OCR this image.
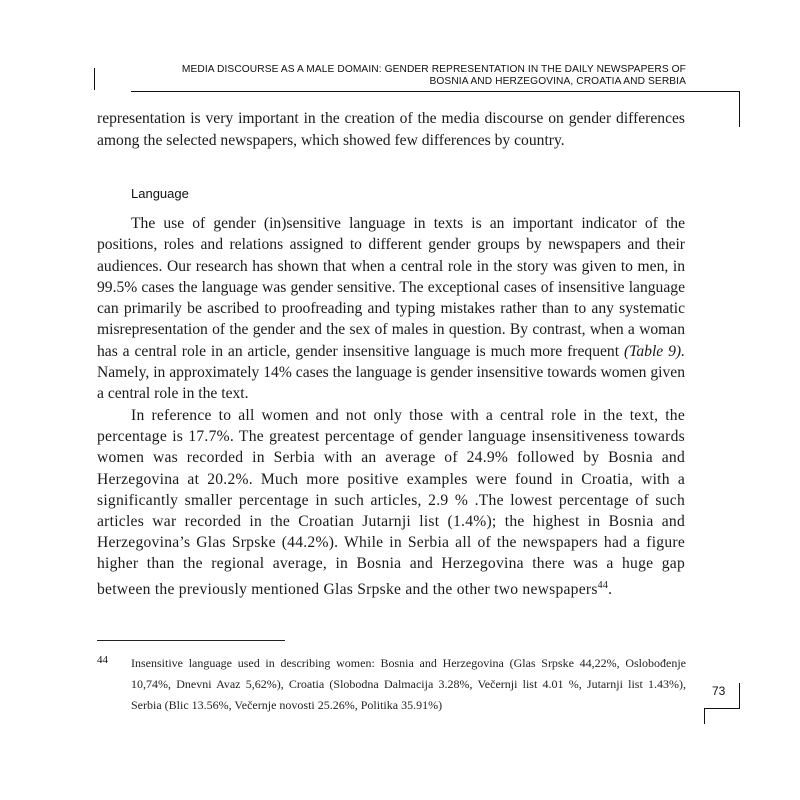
MEDIA DISCOURSE AS A MALE DOMAIN: GENDER REPRESENTATION IN THE DAILY NEWSPAPERS OF
BOSNIA AND HERZEGOVINA, CROATIA AND SERBIA
representation is very important in the creation of the media discourse on gender differences among the selected newspapers, which showed few differences by country.
Language
The use of gender (in)sensitive language in texts is an important indicator of the positions, roles and relations assigned to different gender groups by newspapers and their audiences. Our research has shown that when a central role in the story was given to men, in 99.5% cases the language was gender sensitive. The exceptional cases of insensitive language can primarily be ascribed to proofreading and typing mistakes rather than to any systematic misrepresentation of the gender and the sex of males in question. By contrast, when a woman has a central role in an article, gender insensitive language is much more frequent (Table 9). Namely, in approximately 14% cases the language is gender insensitive towards women given a central role in the text.
In reference to all women and not only those with a central role in the text, the percentage is 17.7%. The greatest percentage of gender language insensitiveness towards women was recorded in Serbia with an average of 24.9% followed by Bosnia and Herzegovina at 20.2%. Much more positive examples were found in Croatia, with a significantly smaller percentage in such articles, 2.9 % .The lowest percentage of such articles war recorded in the Croatian Jutarnji list (1.4%); the highest in Bosnia and Herzegovina’s Glas Srpske (44.2%). While in Serbia all of the newspapers had a figure higher than the regional average, in Bosnia and Herzegovina there was a huge gap between the previously mentioned Glas Srpske and the other two newspapers$^{44}$.
44 Insensitive language used in describing women: Bosnia and Herzegovina (Glas Srpske 44,22%, Oslobođenje 10,74%, Dnevni Avaz 5,62%), Croatia (Slobodna Dalmacija 3.28%, Večernji list 4.01 %, Jutarnji list 1.43%), Serbia (Blic 13.56%, Večernje novosti 25.26%, Politika 35.91%)
73
